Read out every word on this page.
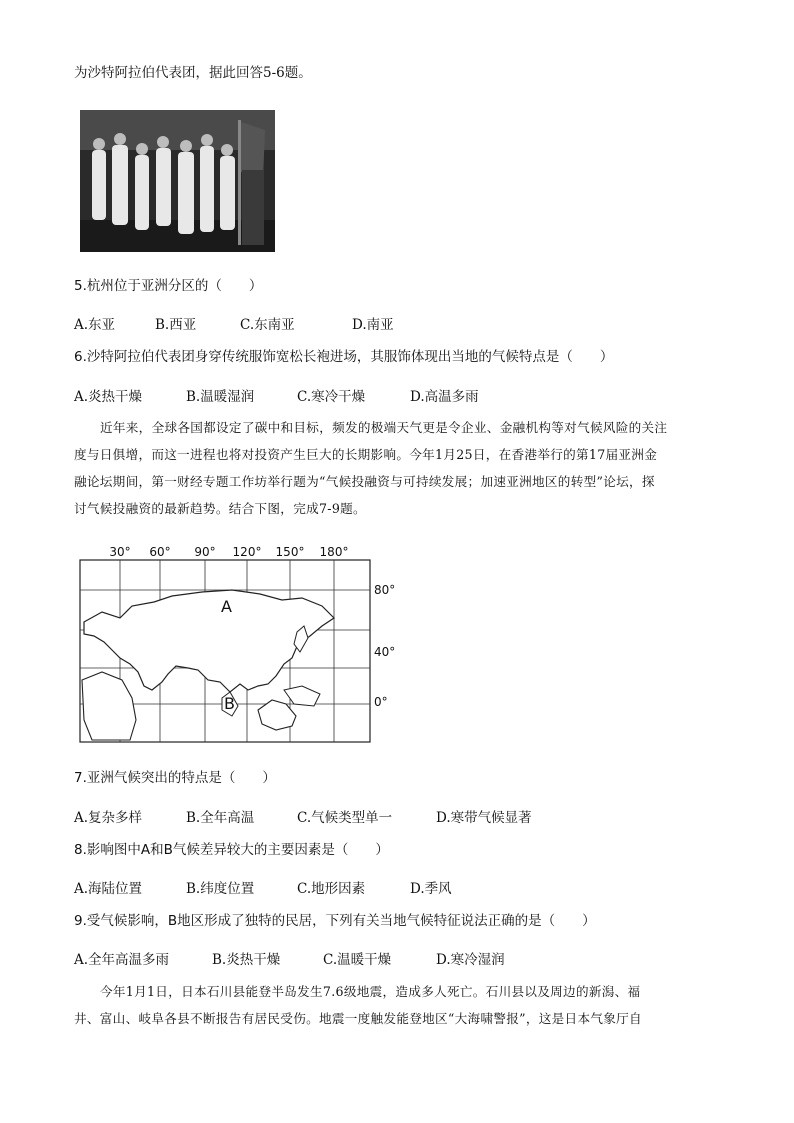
为沙特阿拉伯代表团，据此回答5-6题。
5.杭州位于亚洲分区的（　　）
A.东亚	B.西亚	C.东南亚	D.南亚
6.沙特阿拉伯代表团身穿传统服饰宽松长袍进场，其服饰体现出当地的气候特点是（　　）
A.炎热干燥	B.温暖湿润	C.寒冷干燥	D.高温多雨
近年来，全球各国都设定了碳中和目标，频发的极端天气更是令企业、金融机构等对气候风险的关注
度与日俱增，而这一进程也将对投资产生巨大的长期影响。今年1月25日，在香港举行的第17届亚洲金
融论坛期间，第一财经专题工作坊举行题为“气候投融资与可持续发展；加速亚洲地区的转型”论坛，探
讨气候投融资的最新趋势。结合下图，完成7-9题。
30° 60° 90° 120° 150° 180°
80°
40°
0°
A
B
7.亚洲气候突出的特点是（　　）
A.复杂多样	B.全年高温	C.气候类型单一	D.寒带气候显著
8.影响图中A和B气候差异较大的主要因素是（　　）
A.海陆位置	B.纬度位置	C.地形因素	D.季风
9.受气候影响，B地区形成了独特的民居，下列有关当地气候特征说法正确的是（　　）
A.全年高温多雨	B.炎热干燥	C.温暖干燥	D.寒冷湿润
今年1月1日，日本石川县能登半岛发生7.6级地震，造成多人死亡。石川县以及周边的新潟、福
井、富山、岐阜各县不断报告有居民受伤。地震一度触发能登地区“大海啸警报”，这是日本气象厅自
